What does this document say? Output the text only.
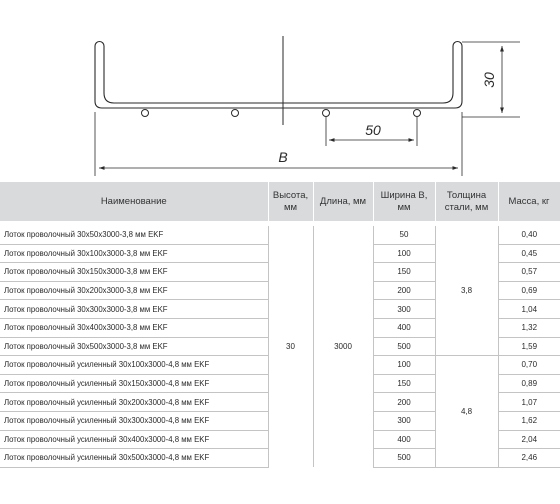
30
50
B
Наименование	Высота, мм	Длина, мм	Ширина B, мм	Толщина стали, мм	Масса, кг
Лоток проволочный 30х50х3000-3,8 мм EKF	30	3000	50	3,8	0,40
Лоток проволочный 30х100х3000-3,8 мм EKF			100		0,45
Лоток проволочный 30х150х3000-3,8 мм EKF			150		0,57
Лоток проволочный 30х200х3000-3,8 мм EKF			200		0,69
Лоток проволочный 30х300х3000-3,8 мм EKF			300		1,04
Лоток проволочный 30х400х3000-3,8 мм EKF			400		1,32
Лоток проволочный 30х500х3000-3,8 мм EKF			500		1,59
Лоток проволочный усиленный 30х100х3000-4,8 мм EKF			100	4,8	0,70
Лоток проволочный усиленный 30х150х3000-4,8 мм EKF			150		0,89
Лоток проволочный усиленный 30х200х3000-4,8 мм EKF			200		1,07
Лоток проволочный усиленный 30х300х3000-4,8 мм EKF			300		1,62
Лоток проволочный усиленный 30х400х3000-4,8 мм EKF			400		2,04
Лоток проволочный усиленный 30х500х3000-4,8 мм EKF			500		2,46
